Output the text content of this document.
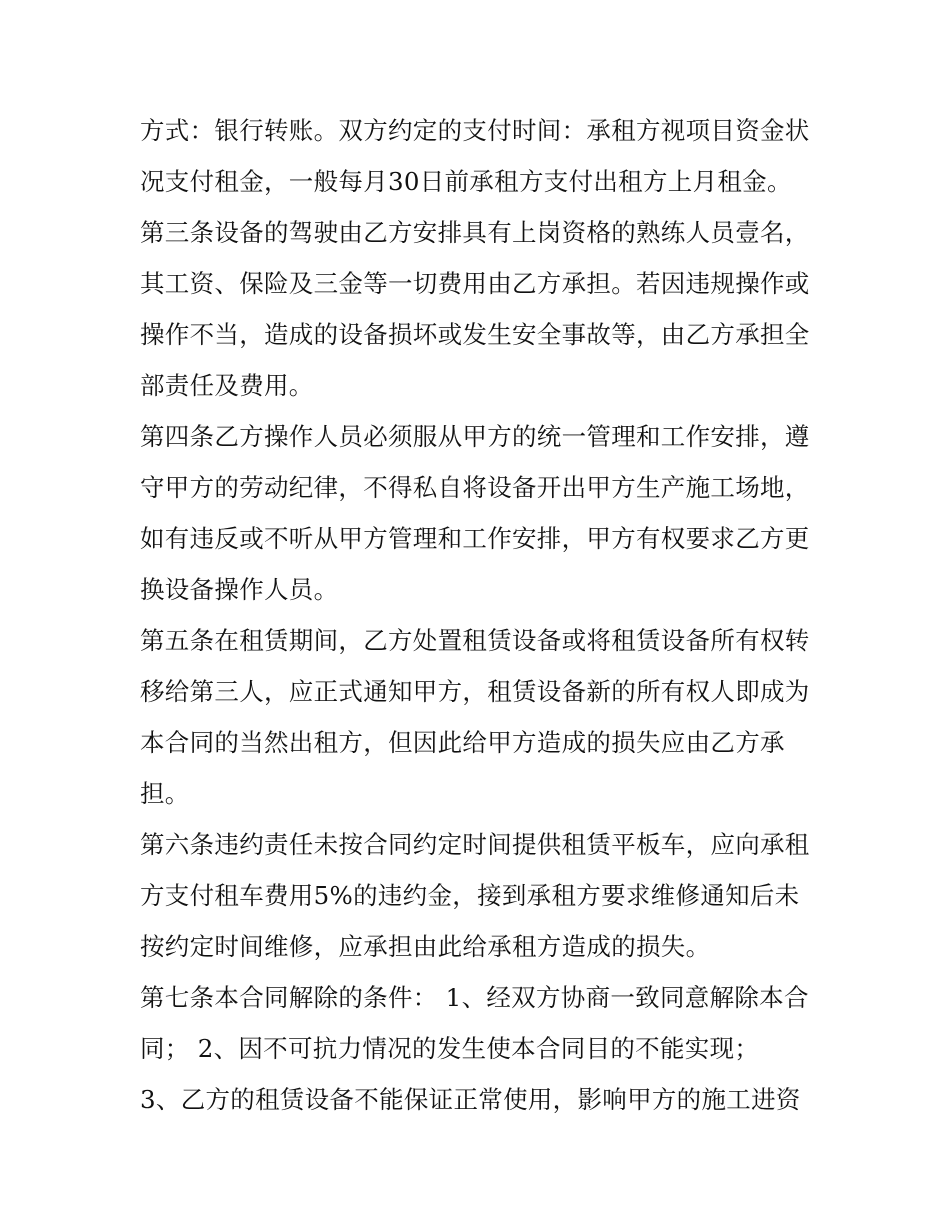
方式：银行转账。双方约定的支付时间：承租方视项目资金状
况支付租金，一般每月30日前承租方支付出租方上月租金。
第三条设备的驾驶由乙方安排具有上岗资格的熟练人员壹名，
其工资、保险及三金等一切费用由乙方承担。若因违规操作或
操作不当，造成的设备损坏或发生安全事故等，由乙方承担全
部责任及费用。
第四条乙方操作人员必须服从甲方的统一管理和工作安排，遵
守甲方的劳动纪律，不得私自将设备开出甲方生产施工场地，
如有违反或不听从甲方管理和工作安排，甲方有权要求乙方更
换设备操作人员。
第五条在租赁期间，乙方处置租赁设备或将租赁设备所有权转
移给第三人，应正式通知甲方，租赁设备新的所有权人即成为
本合同的当然出租方，但因此给甲方造成的损失应由乙方承
担。
第六条违约责任未按合同约定时间提供租赁平板车，应向承租
方支付租车费用5%的违约金，接到承租方要求维修通知后未
按约定时间维修，应承担由此给承租方造成的损失。
第七条本合同解除的条件： 1、经双方协商一致同意解除本合
同； 2、因不可抗力情况的发生使本合同目的不能实现；
3、乙方的租赁设备不能保证正常使用，影响甲方的施工进资
